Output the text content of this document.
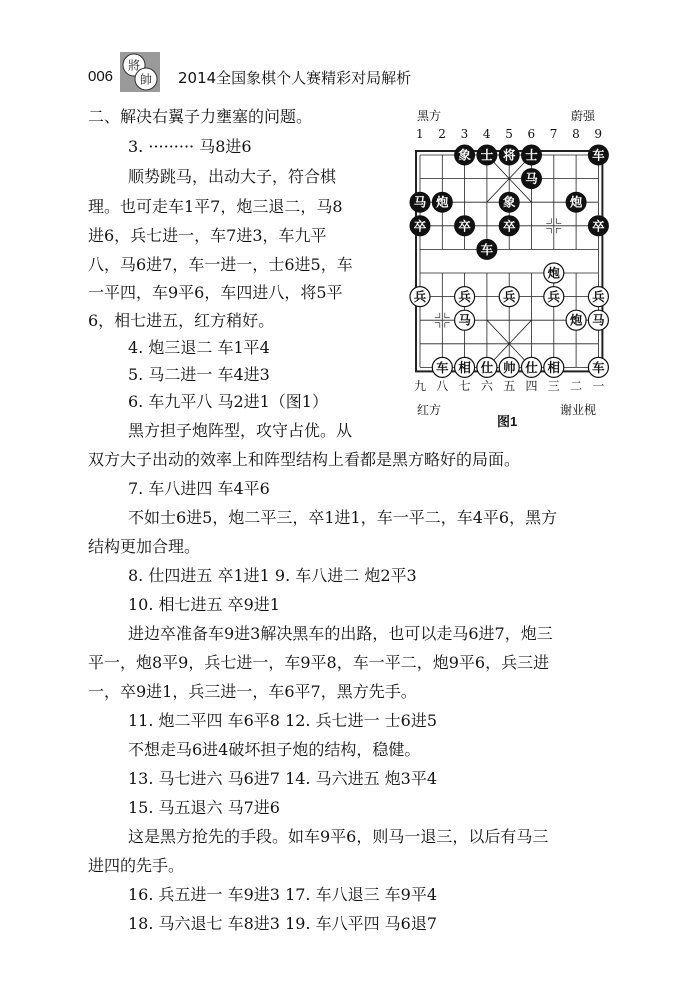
006
將
帥 2014全国象棋个人赛精彩对局解析
二、解决右翼子力壅塞的问题。
3. ········· 马8进6
顺势跳马，出动大子，符合棋
理。也可走车1平7，炮三退二，马8
进6，兵七进一，车7进3，车九平
八，马6进7，车一进一，士6进5，车
一平四，车9平6，车四进八，将5平
6，相七进五，红方稍好。
4. 炮三退二 车1平4
5. 马二进一 车4进3
6. 车九平八 马2进1（图1）
黑方担子炮阵型，攻守占优。从
双方大子出动的效率上和阵型结构上看都是黑方略好的局面。
7. 车八进四 车4平6
不如士6进5，炮二平三，卒1进1，车一平二，车4平6，黑方
结构更加合理。
8. 仕四进五 卒1进1 9. 车八进二 炮2平3
10. 相七进五 卒9进1
进边卒准备车9进3解决黑车的出路，也可以走马6进7，炮三
平一，炮8平9，兵七进一，车9平8，车一平二，炮9平6，兵三进
一，卒9进1，兵三进一，车6平7，黑方先手。
11. 炮二平四 车6平8 12. 兵七进一 士6进5
不想走马6进4破坏担子炮的结构，稳健。
13. 马七进六 马6进7 14. 马六进五 炮3平4
15. 马五退六 马7进6
这是黑方抢先的手段。如车9平6，则马一退三，以后有马三
进四的先手。
16. 兵五进一 车9进3 17. 车八退三 车9平4
18. 马六退七 车8进3 19. 车八平四 马6退7
黑方	蔚强
1 2 3 4 5 6 7 8 9
象 士 将 士	车
马
马 炮	象	炮
卒	卒	卒	卒
车
炮
兵	兵	兵	兵	兵
马	炮 马
车 相 仕 帅 仕 相	车
九 八 七 六 五 四 三 二 一
红方	谢业枧
图1
